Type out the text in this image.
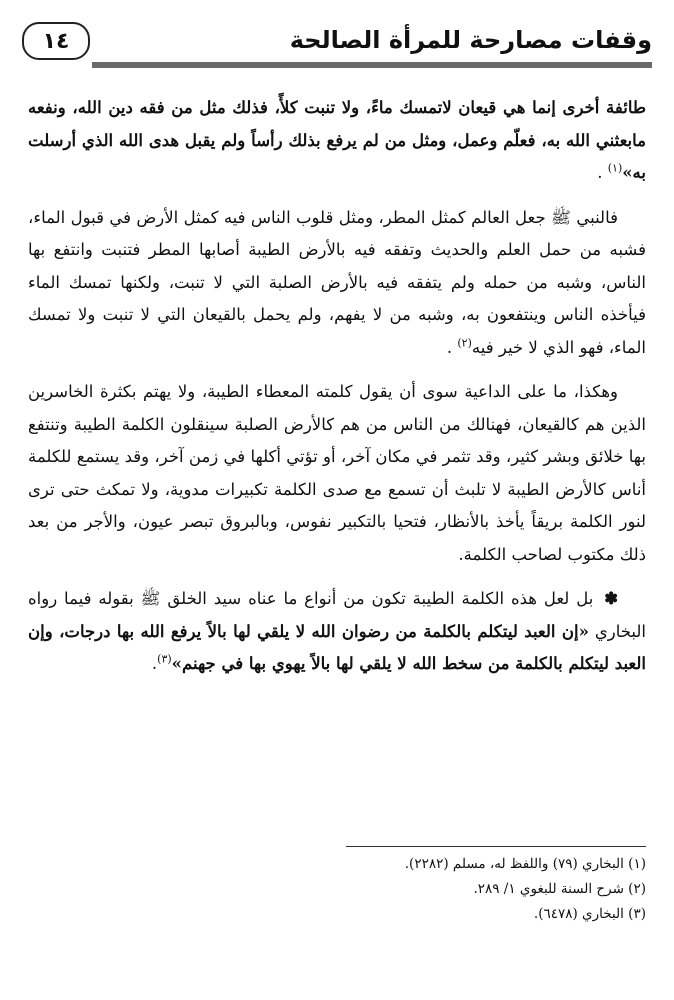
١٤	وقفات مصارحة للمرأة الصالحة

طائفة أخرى إنما هي قيعان لاتمسك ماءً، ولا تنبت كلأً، فذلك مثل من فقه دين الله، ونفعه مابعثني الله به، فعلّم وعمل، ومثل من لم يرفع بذلك رأساً ولم يقبل هدى الله الذي أرسلت به»$^{(١)}$ .

فالنبي ﷺ جعل العالم كمثل المطر، ومثل قلوب الناس فيه كمثل الأرض في قبول الماء، فشبه من حمل العلم والحديث وتفقه فيه بالأرض الطيبة أصابها المطر فتنبت وانتفع بها الناس، وشبه من حمله ولم يتفقه فيه بالأرض الصلبة التي لا تنبت، ولكنها تمسك الماء فيأخذه الناس وينتفعون به، وشبه من لا يفهم، ولم يحمل بالقيعان التي لا تنبت ولا تمسك الماء، فهو الذي لا خير فيه$^{(٢)}$ .

وهكذا، ما على الداعية سوى أن يقول كلمته المعطاء الطيبة، ولا يهتم بكثرة الخاسرين الذين هم كالقيعان، فهنالك من الناس من هم كالأرض الصلبة سينقلون الكلمة الطيبة وتنتفع بها خلائق وبشر كثير، وقد تثمر في مكان آخر، أو تؤتي أكلها في زمن آخر، وقد يستمع للكلمة أناس كالأرض الطيبة لا تلبث أن تسمع مع صدى الكلمة تكبيرات مدوية، ولا تمكث حتى ترى لنور الكلمة بريقاً يأخذ بالأنظار، فتحيا بالتكبير نفوس، وبالبروق تبصر عيون، والأجر من بعد ذلك مكتوب لصاحب الكلمة.

✽ بل لعل هذه الكلمة الطيبة تكون من أنواع ما عناه سيد الخلق ﷺ بقوله فيما رواه البخاري «إن العبد ليتكلم بالكلمة من رضوان الله لا يلقي لها بالاً يرفع الله بها درجات، وإن العبد ليتكلم بالكلمة من سخط الله لا يلقي لها بالاً يهوي بها في جهنم»$^{(٣)}$.

(١) البخاري (٧٩) واللفظ له، مسلم (٢٢٨٢).
(٢) شرح السنة للبغوي ١/ ٢٨٩.
(٣) البخاري (٦٤٧٨).
